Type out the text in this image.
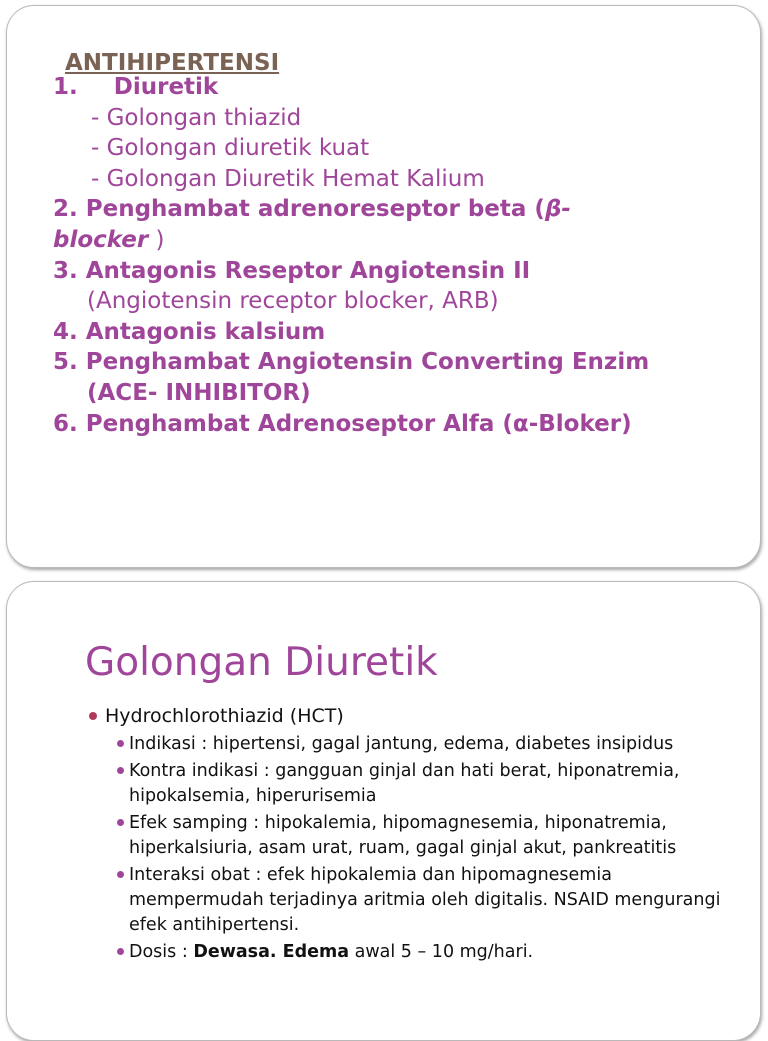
ANTIHIPERTENSI
1. Diuretik
- Golongan thiazid
- Golongan diuretik kuat
- Golongan Diuretik Hemat Kalium
2. Penghambat adrenoreseptor beta (β-
blocker )
3. Antagonis Reseptor Angiotensin II
(Angiotensin receptor blocker, ARB)
4. Antagonis kalsium
5. Penghambat Angiotensin Converting Enzim
(ACE- INHIBITOR)
6. Penghambat Adrenoseptor Alfa (α-Bloker)
Golongan Diuretik
Hydrochlorothiazid (HCT)
Indikasi : hipertensi, gagal jantung, edema, diabetes insipidus
Kontra indikasi : gangguan ginjal dan hati berat, hiponatremia, hipokalsemia, hiperurisemia
Efek samping : hipokalemia, hipomagnesemia, hiponatremia, hiperkalsiuria, asam urat, ruam, gagal ginjal akut, pankreatitis
Interaksi obat : efek hipokalemia dan hipomagnesemia mempermudah terjadinya aritmia oleh digitalis. NSAID mengurangi efek antihipertensi.
Dosis : Dewasa. Edema awal 5 – 10 mg/hari.
